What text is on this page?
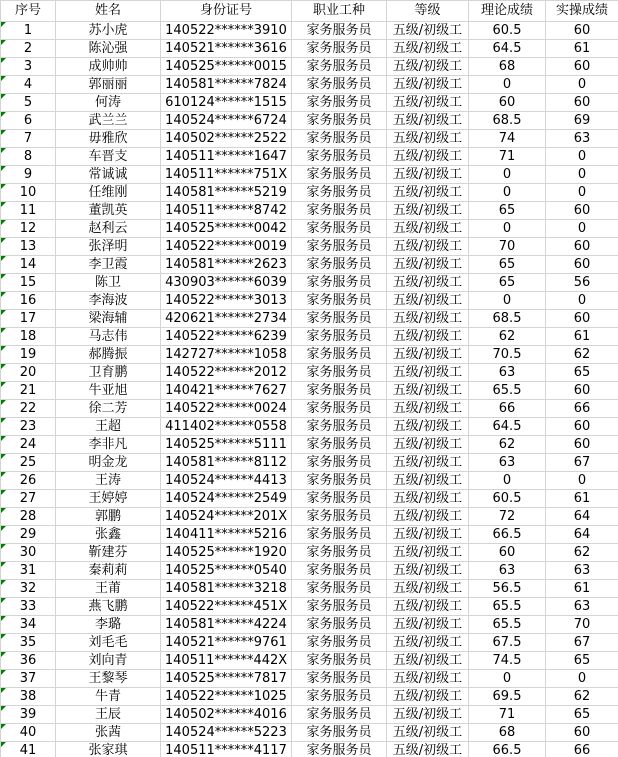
序号	姓名	身份证号	职业工种	等级	理论成绩	实操成绩

1	苏小虎	140522******3910	家务服务员	五级/初级工	60.5	60

2	陈沁强	140521******3616	家务服务员	五级/初级工	64.5	61

3	成帅帅	140525******0015	家务服务员	五级/初级工	68	60

4	郭丽丽	140581******7824	家务服务员	五级/初级工	0	0

5	何涛	610124******1515	家务服务员	五级/初级工	60	60

6	武兰兰	140524******6724	家务服务员	五级/初级工	68.5	69

7	毋雅欣	140502******2522	家务服务员	五级/初级工	74	63

8	车晋支	140511******1647	家务服务员	五级/初级工	71	0

9	常诚诚	140511******751X	家务服务员	五级/初级工	0	0

10	任维刚	140581******5219	家务服务员	五级/初级工	0	0

11	董凯英	140511******8742	家务服务员	五级/初级工	65	60

12	赵利云	140525******0042	家务服务员	五级/初级工	0	0

13	张泽明	140522******0019	家务服务员	五级/初级工	70	60

14	李卫霞	140581******2623	家务服务员	五级/初级工	65	60

15	陈卫	430903******6039	家务服务员	五级/初级工	65	56

16	李海波	140522******3013	家务服务员	五级/初级工	0	0

17	梁海辅	420621******2734	家务服务员	五级/初级工	68.5	60

18	马志伟	140522******6239	家务服务员	五级/初级工	62	61

19	郝腾振	142727******1058	家务服务员	五级/初级工	70.5	62

20	卫育鹏	140522******2012	家务服务员	五级/初级工	63	65

21	牛亚旭	140421******7627	家务服务员	五级/初级工	65.5	60

22	徐二芳	140522******0024	家务服务员	五级/初级工	66	66

23	王超	411402******0558	家务服务员	五级/初级工	64.5	60

24	李非凡	140525******5111	家务服务员	五级/初级工	62	60

25	明金龙	140581******8112	家务服务员	五级/初级工	63	67

26	王涛	140524******4413	家务服务员	五级/初级工	0	0

27	王婷婷	140524******2549	家务服务员	五级/初级工	60.5	61

28	郭鹏	140524******201X	家务服务员	五级/初级工	72	64

29	张鑫	140411******5216	家务服务员	五级/初级工	66.5	64

30	靳建芬	140525******1920	家务服务员	五级/初级工	60	62

31	秦莉莉	140525******0540	家务服务员	五级/初级工	63	63

32	王莆	140581******3218	家务服务员	五级/初级工	56.5	61

33	燕飞鹏	140522******451X	家务服务员	五级/初级工	65.5	63

34	李璐	140581******4224	家务服务员	五级/初级工	65.5	70

35	刘毛毛	140521******9761	家务服务员	五级/初级工	67.5	67

36	刘向青	140511******442X	家务服务员	五级/初级工	74.5	65

37	王黎琴	140525******7817	家务服务员	五级/初级工	0	0

38	牛青	140522******1025	家务服务员	五级/初级工	69.5	62

39	王辰	140502******4016	家务服务员	五级/初级工	71	65

40	张茜	140524******5223	家务服务员	五级/初级工	68	60

41	张家琪	140511******4117	家务服务员	五级/初级工	66.5	66
